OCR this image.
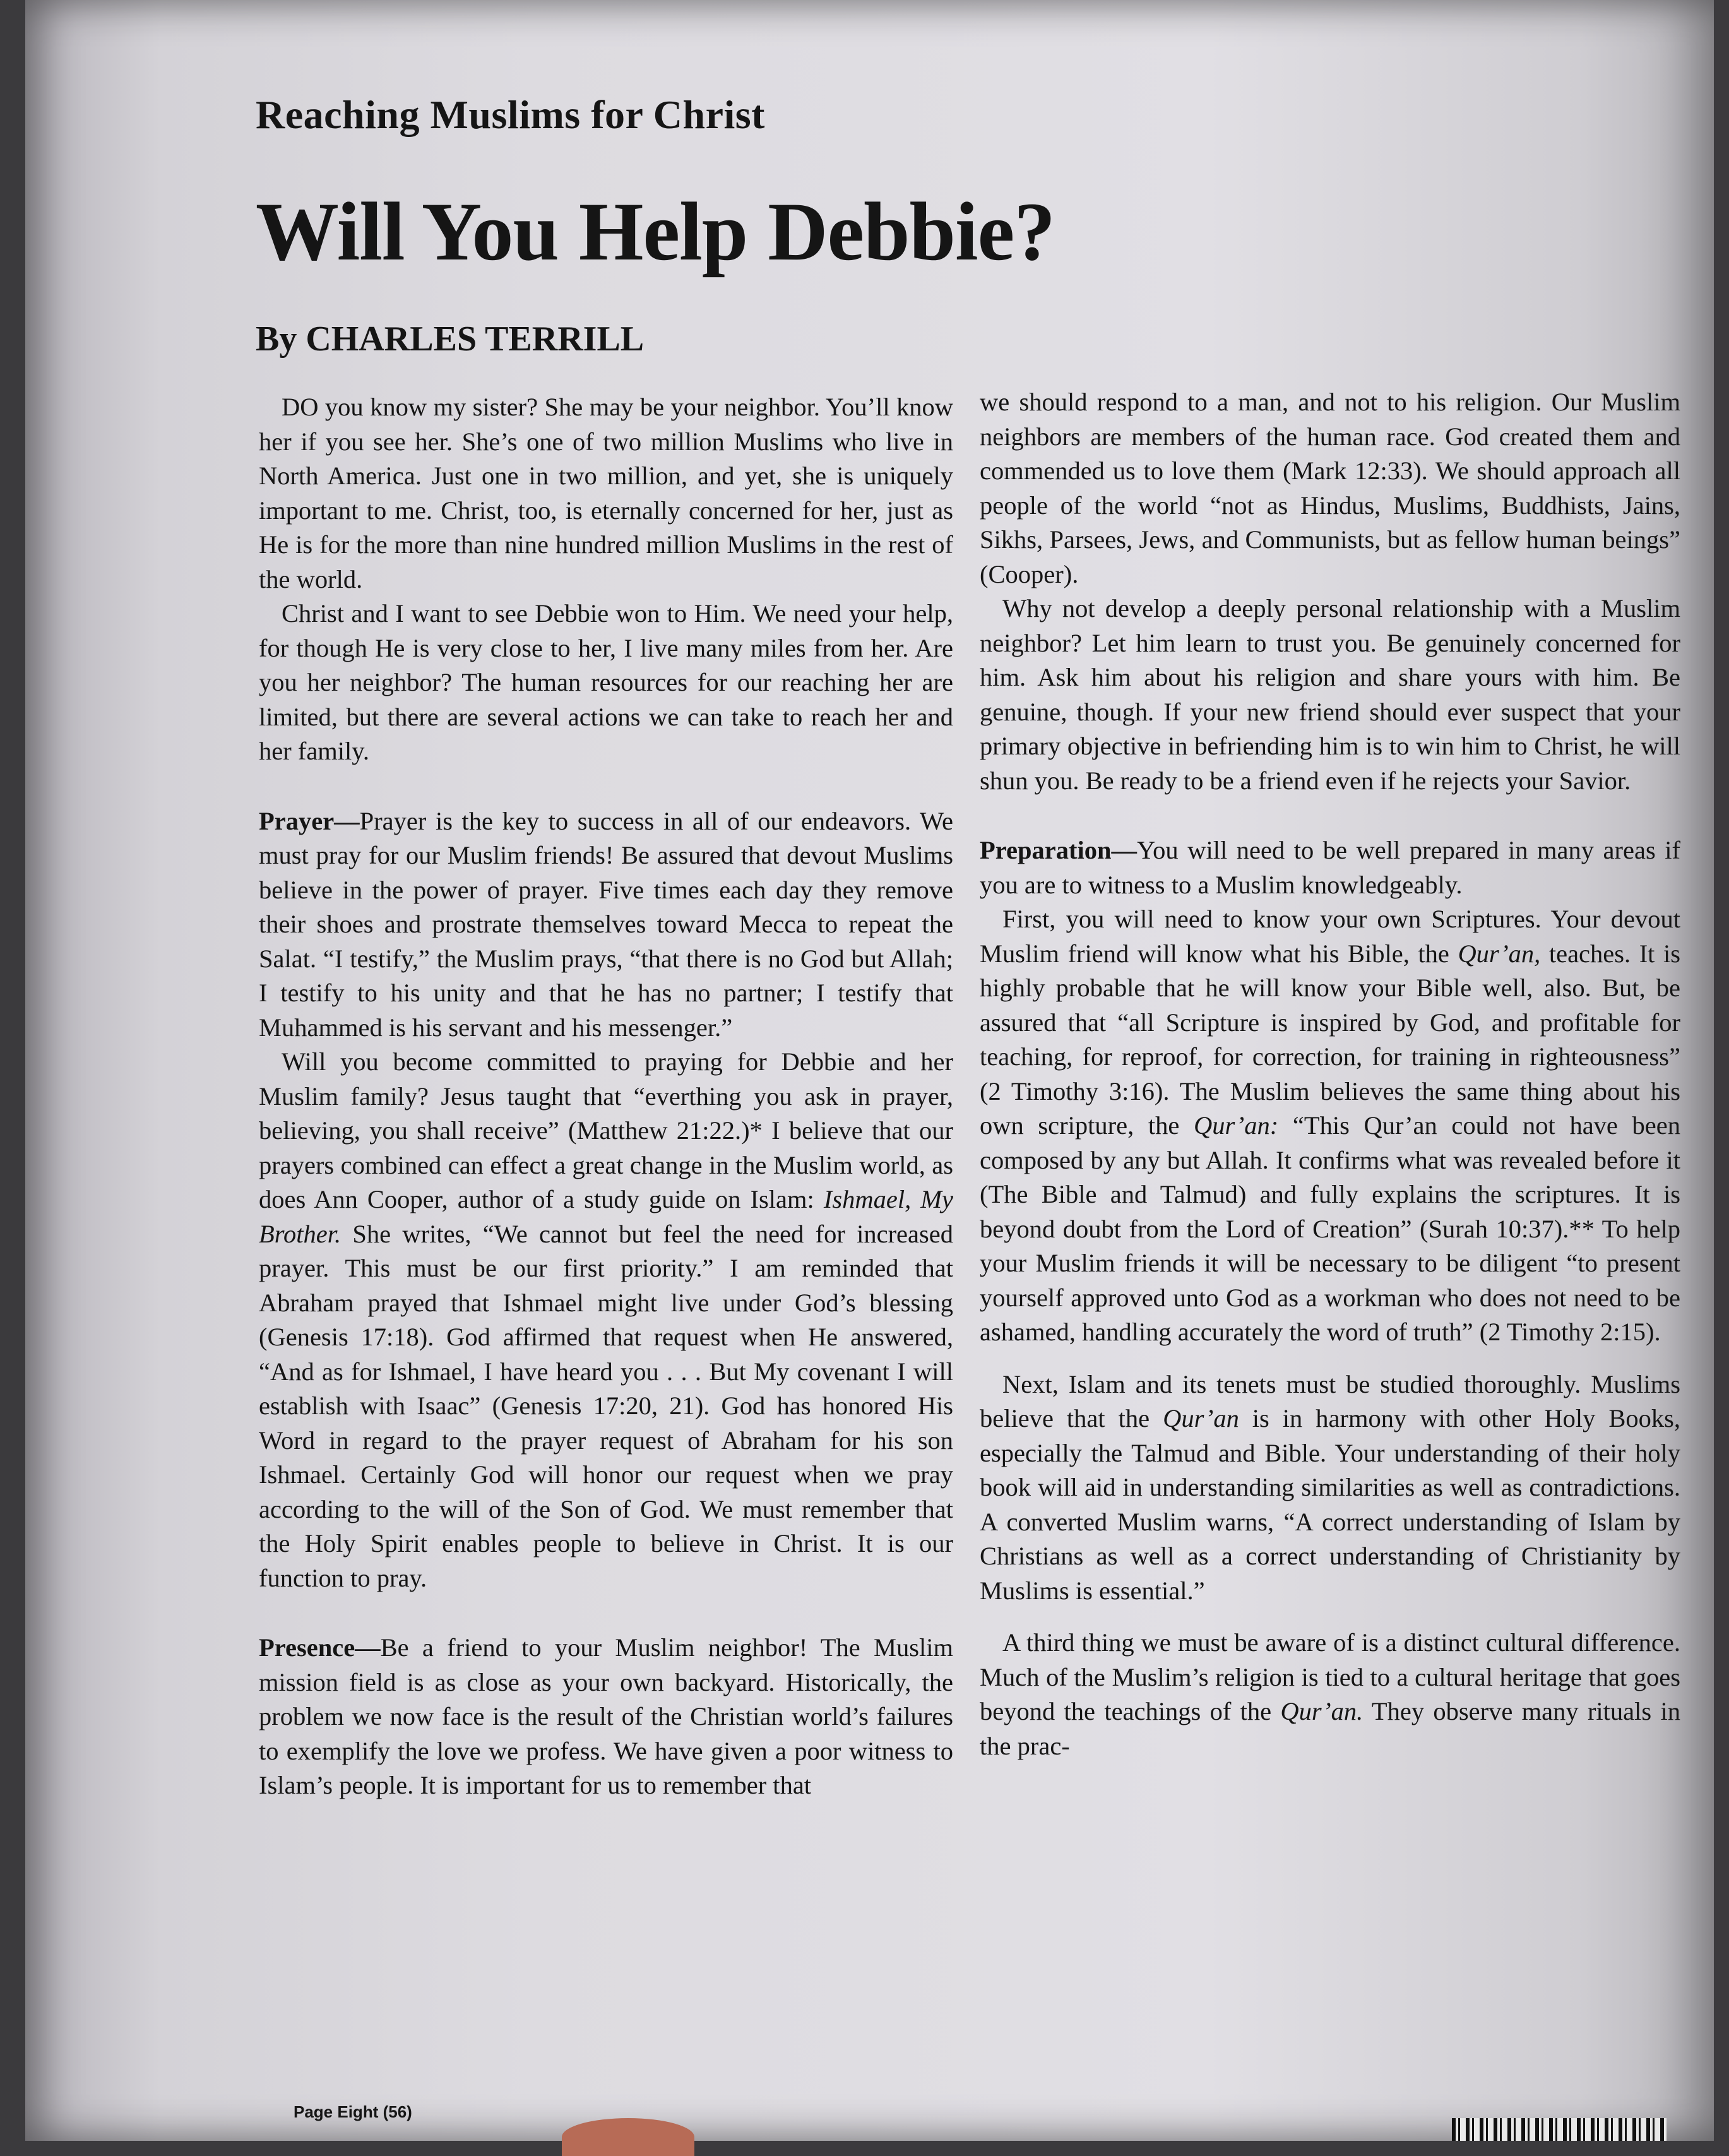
Reaching Muslims for Christ
Will You Help Debbie?
By CHARLES TERRILL

DO you know my sister? She may be your neighbor. You’ll know her if you see her. She’s one of two million Muslims who live in North America. Just one in two million, and yet, she is uniquely important to me. Christ, too, is eternally concerned for her, just as He is for the more than nine hundred million Muslims in the rest of the world.

Christ and I want to see Debbie won to Him. We need your help, for though He is very close to her, I live many miles from her. Are you her neighbor? The human resources for our reaching her are limited, but there are several actions we can take to reach her and her family.

Prayer—Prayer is the key to success in all of our endeavors. We must pray for our Muslim friends! Be assured that devout Muslims believe in the power of prayer. Five times each day they remove their shoes and prostrate themselves toward Mecca to repeat the Salat. “I testify,” the Muslim prays, “that there is no God but Allah; I testify to his unity and that he has no partner; I testify that Muhammed is his servant and his messenger.”

Will you become committed to praying for Debbie and her Muslim family? Jesus taught that “everthing you ask in prayer, believing, you shall receive” (Matthew 21:22.)* I believe that our prayers combined can effect a great change in the Muslim world, as does Ann Cooper, author of a study guide on Islam: Ishmael, My Brother. She writes, “We cannot but feel the need for increased prayer. This must be our first priority.” I am reminded that Abraham prayed that Ishmael might live under God’s blessing (Genesis 17:18). God affirmed that request when He answered, “And as for Ishmael, I have heard you . . . But My covenant I will establish with Isaac” (Genesis 17:20, 21). God has honored His Word in regard to the prayer request of Abraham for his son Ishmael. Certainly God will honor our request when we pray according to the will of the Son of God. We must remember that the Holy Spirit enables people to believe in Christ. It is our function to pray.

Presence—Be a friend to your Muslim neighbor! The Muslim mission field is as close as your own backyard. Historically, the problem we now face is the result of the Christian world’s failures to exemplify the love we profess. We have given a poor witness to Islam’s people. It is important for us to remember that

we should respond to a man, and not to his religion. Our Muslim neighbors are members of the human race. God created them and commended us to love them (Mark 12:33). We should approach all people of the world “not as Hindus, Muslims, Buddhists, Jains, Sikhs, Parsees, Jews, and Communists, but as fellow human beings” (Cooper).

Why not develop a deeply personal relationship with a Muslim neighbor? Let him learn to trust you. Be genuinely concerned for him. Ask him about his religion and share yours with him. Be genuine, though. If your new friend should ever suspect that your primary objective in befriending him is to win him to Christ, he will shun you. Be ready to be a friend even if he rejects your Savior.

Preparation—You will need to be well prepared in many areas if you are to witness to a Muslim knowledgeably.

First, you will need to know your own Scriptures. Your devout Muslim friend will know what his Bible, the Qur’an, teaches. It is highly probable that he will know your Bible well, also. But, be assured that “all Scripture is inspired by God, and profitable for teaching, for reproof, for correction, for training in righteousness” (2 Timothy 3:16). The Muslim believes the same thing about his own scripture, the Qur’an: “This Qur’an could not have been composed by any but Allah. It confirms what was revealed before it (The Bible and Talmud) and fully explains the scriptures. It is beyond doubt from the Lord of Creation” (Surah 10:37).** To help your Muslim friends it will be necessary to be diligent “to present yourself approved unto God as a workman who does not need to be ashamed, handling accurately the word of truth” (2 Timothy 2:15).

Next, Islam and its tenets must be studied thoroughly. Muslims believe that the Qur’an is in harmony with other Holy Books, especially the Talmud and Bible. Your understanding of their holy book will aid in understanding similarities as well as contradictions. A converted Muslim warns, “A correct understanding of Islam by Christians as well as a correct understanding of Christianity by Muslims is essential.”

A third thing we must be aware of is a distinct cultural difference. Much of the Muslim’s religion is tied to a cultural heritage that goes beyond the teachings of the Qur’an. They observe many rituals in the prac-

Page Eight (56)
